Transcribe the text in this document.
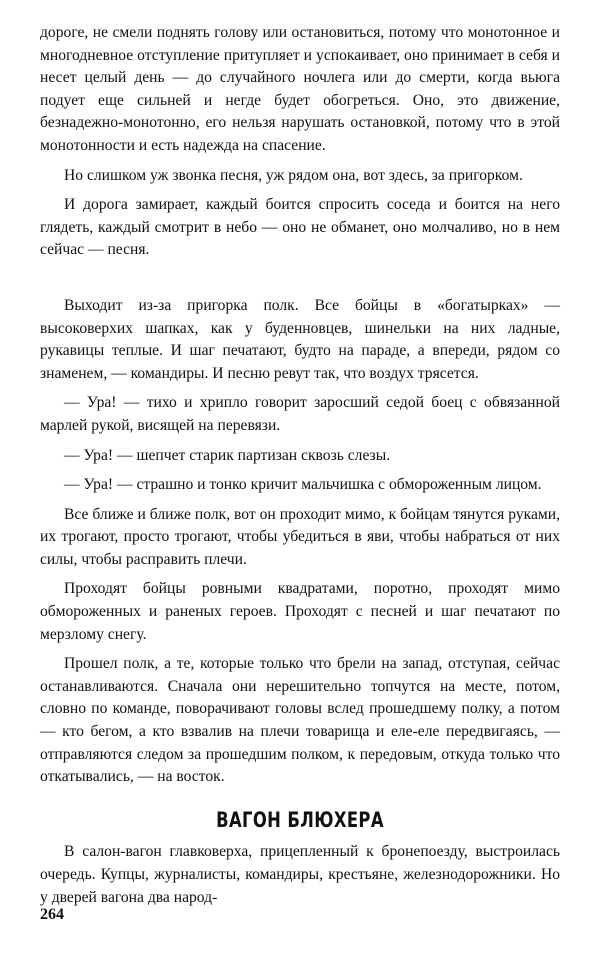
дороге, не смели поднять голову или остановиться, потому что монотонное и многодневное отступление притупляет и успокаивает, оно принимает в себя и несет целый день — до случайного ночлега или до смерти, когда вьюга подует еще сильней и негде будет обогреться. Оно, это движение, безнадежно-монотонно, его нельзя нарушать остановкой, потому что в этой монотонности и есть надежда на спасение.

Но слишком уж звонка песня, уж рядом она, вот здесь, за пригорком.

И дорога замирает, каждый боится спросить соседа и боится на него глядеть, каждый смотрит в небо — оно не обманет, оно молчаливо, но в нем сейчас — песня.

Выходит из-за пригорка полк. Все бойцы в «богатырках» — высоковерхих шапках, как у буденновцев, шинельки на них ладные, рукавицы теплые. И шаг печатают, будто на параде, а впереди, рядом со знаменем, — командиры. И песню ревут так, что воздух трясется.

— Ура! — тихо и хрипло говорит заросший седой боец с обвязанной марлей рукой, висящей на перевязи.

— Ура! — шепчет старик партизан сквозь слезы.

— Ура! — страшно и тонко кричит мальчишка с обмороженным лицом.

Все ближе и ближе полк, вот он проходит мимо, к бойцам тянутся руками, их трогают, просто трогают, чтобы убедиться в яви, чтобы набраться от них силы, чтобы расправить плечи.

Проходят бойцы ровными квадратами, поротно, проходят мимо обмороженных и раненых героев. Проходят с песней и шаг печатают по мерзлому снегу.

Прошел полк, а те, которые только что брели на запад, отступая, сейчас останавливаются. Сначала они нерешительно топчутся на месте, потом, словно по команде, поворачивают головы вслед прошедшему полку, а потом — кто бегом, а кто взвалив на плечи товарища и еле-еле передвигаясь, — отправляются следом за прошедшим полком, к передовым, откуда только что откатывались, — на восток.

ВАГОН БЛЮХЕРА

В салон-вагон главковерха, прицепленный к бронепоезду, выстроилась очередь. Купцы, журналисты, командиры, крестьяне, железнодорожники. Но у дверей вагона два народ-

264
